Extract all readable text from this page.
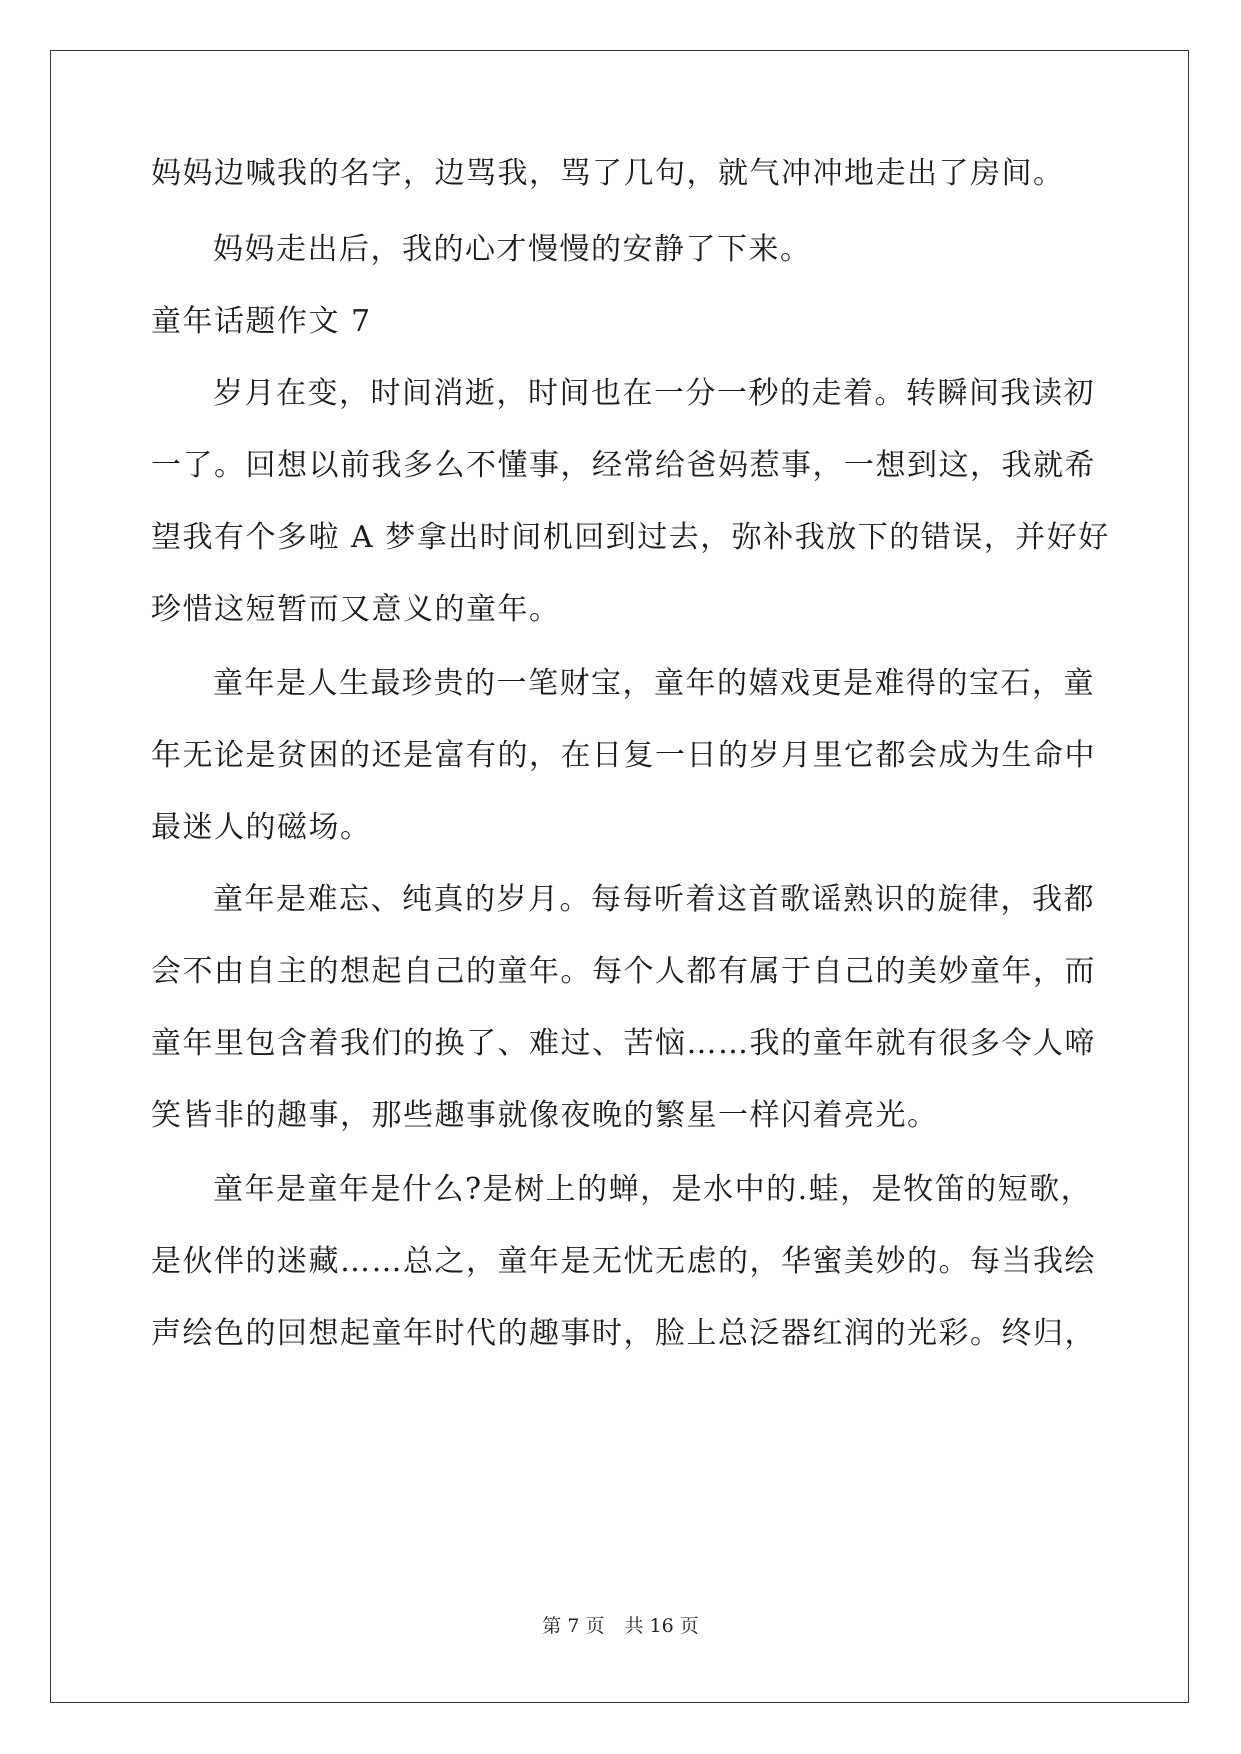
妈妈边喊我的名字，边骂我，骂了几句，就气冲冲地走出了房间。
妈妈走出后，我的心才慢慢的安静了下来。
童年话题作文 7
岁月在变，时间消逝，时间也在一分一秒的走着。转瞬间我读初
一了。回想以前我多么不懂事，经常给爸妈惹事，一想到这，我就希
望我有个多啦 A 梦拿出时间机回到过去，弥补我放下的错误，并好好
珍惜这短暂而又意义的童年。
童年是人生最珍贵的一笔财宝，童年的嬉戏更是难得的宝石，童
年无论是贫困的还是富有的，在日复一日的岁月里它都会成为生命中
最迷人的磁场。
童年是难忘、纯真的岁月。每每听着这首歌谣熟识的旋律，我都
会不由自主的想起自己的童年。每个人都有属于自己的美妙童年，而
童年里包含着我们的换了、难过、苦恼……我的童年就有很多令人啼
笑皆非的趣事，那些趣事就像夜晚的繁星一样闪着亮光。
童年是童年是什么?是树上的蝉，是水中的.蛙，是牧笛的短歌，
是伙伴的迷藏……总之，童年是无忧无虑的，华蜜美妙的。每当我绘
声绘色的回想起童年时代的趣事时，脸上总泛器红润的光彩。终归，
第 7 页 共 16 页
